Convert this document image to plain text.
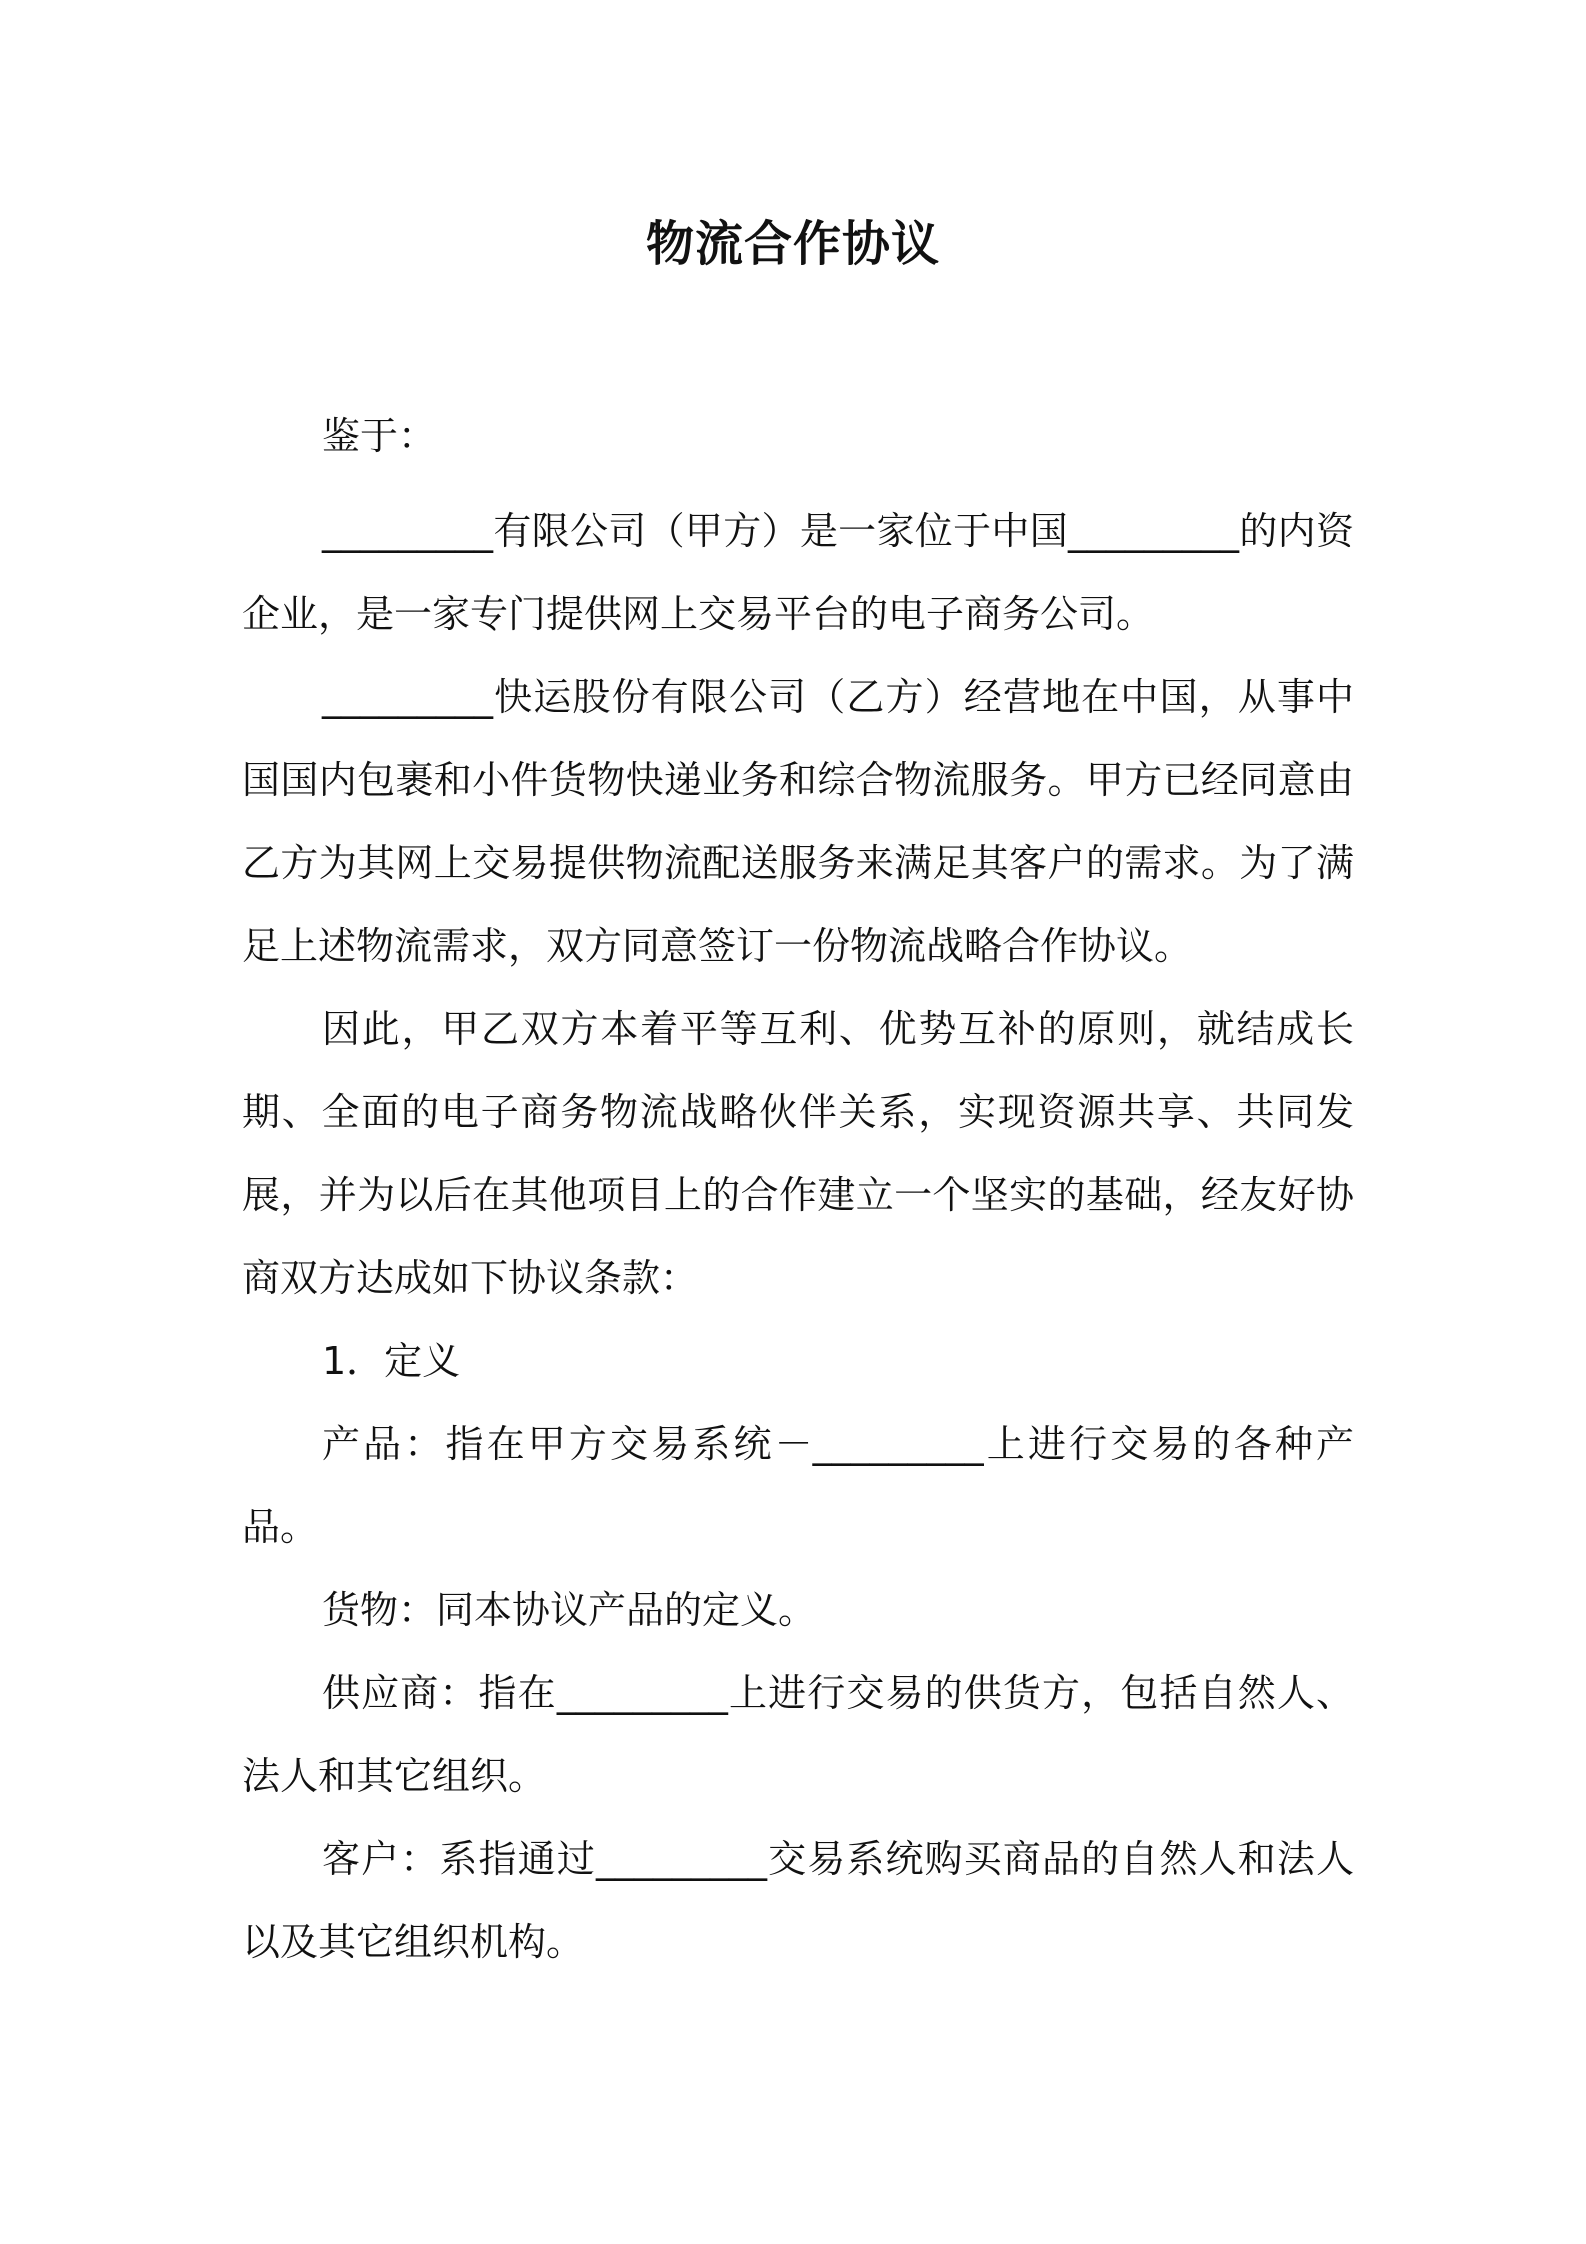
物流合作协议

鉴于：

_________有限公司（甲方）是一家位于中国_________的内资企业，是一家专门提供网上交易平台的电子商务公司。

_________快运股份有限公司（乙方）经营地在中国，从事中国国内包裹和小件货物快递业务和综合物流服务。甲方已经同意由乙方为其网上交易提供物流配送服务来满足其客户的需求。为了满足上述物流需求，双方同意签订一份物流战略合作协议。

因此，甲乙双方本着平等互利、优势互补的原则，就结成长期、全面的电子商务物流战略伙伴关系，实现资源共享、共同发展，并为以后在其他项目上的合作建立一个坚实的基础，经友好协商双方达成如下协议条款：

1．定义

产品：指在甲方交易系统－_________上进行交易的各种产品。

货物：同本协议产品的定义。

供应商：指在_________上进行交易的供货方，包括自然人、法人和其它组织。

客户：系指通过_________交易系统购买商品的自然人和法人以及其它组织机构。
